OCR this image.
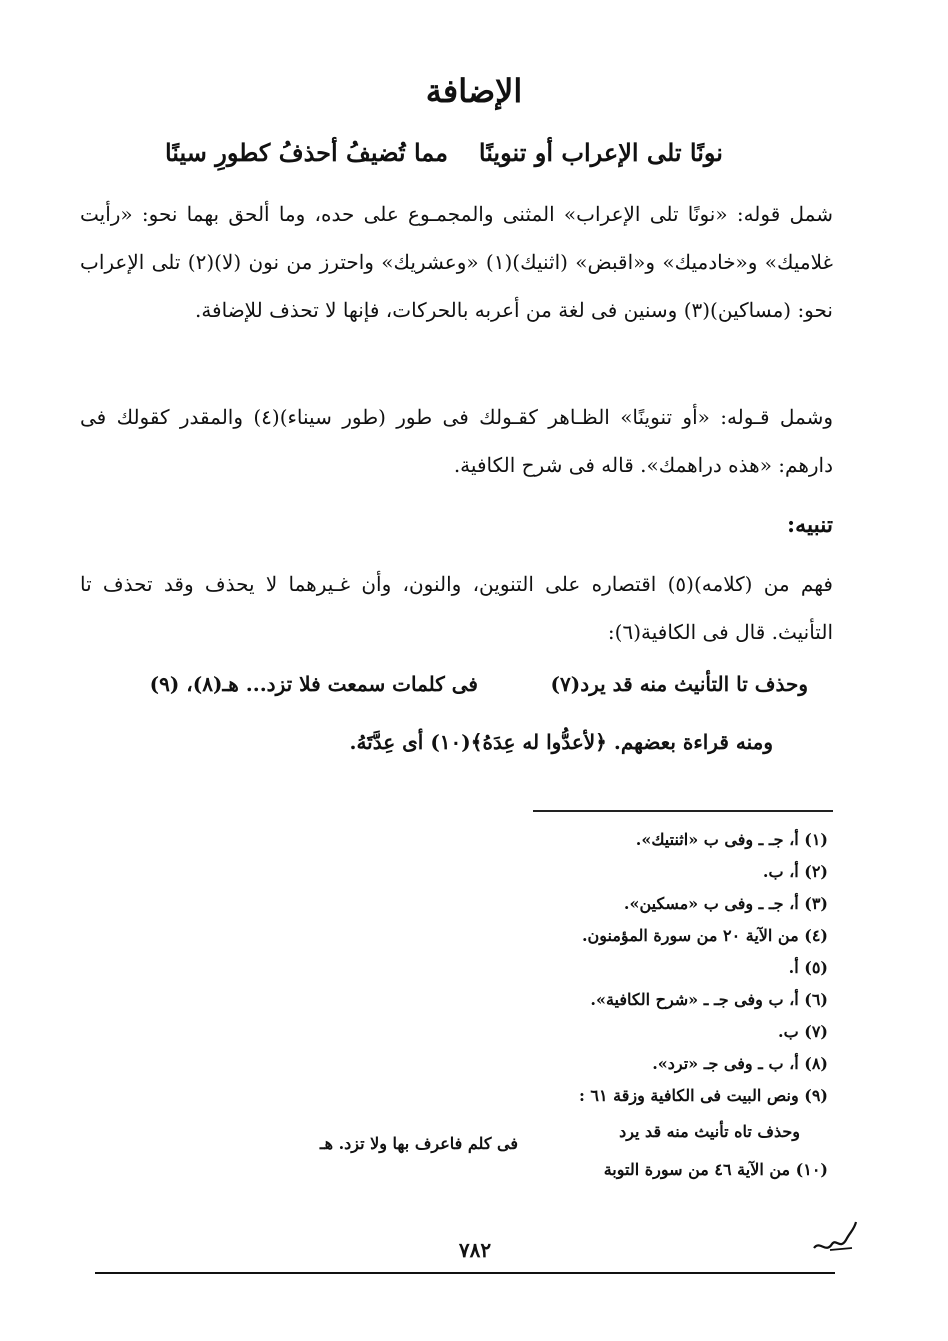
الإضافة
نونًا تلى الإعراب أو تنوينًا
مما تُضيفُ أحذفُ كطورِ سينًا
شمل قوله: «نونًا تلى الإعراب» المثنى والمجمـوع على حده، وما ألحق بهما نحو: «رأيت غلاميك» و«خادميك» و«اقبض» (اثنيك)(١) «وعشريك» واحترز من نون (لا)(٢) تلى الإعراب نحو: (مساكين)(٣) وسنين فى لغة من أعربه بالحركات، فإنها لا تحذف للإضافة.
وشمل قـوله: «أو تنوينًا» الظـاهر كقـولك فى طور (طور سيناء)(٤) والمقدر كقولك فى دارهم: «هذه دراهمك». قاله فى شرح الكافية.
تنبيه:
فهم من (كلامه)(٥) اقتصاره على التنوين، والنون، وأن غـيرهما لا يحذف وقد تحذف تا التأنيث. قال فى الكافية(٦):
وحذف تا التأنيث منه قد يرد(٧)
فى كلمات سمعت فلا تزد... هـ(٨)، (٩)
ومنه قراءة بعضهم. ﴿لأعدُّوا له عِدَهُ﴾(١٠) أى عِدَّتَهُ.
(١) أ، جـ ـ وفى ب «اثنتيك».
(٢) أ، ب.
(٣) أ، جـ ـ وفى ب «مسكين».
(٤) من الآية ٢٠ من سورة المؤمنون.
(٥) أ.
(٦) أ، ب وفى جـ ـ «شرح الكافية».
(٧) ب.
(٨) أ، ب ـ وفى جـ «ترد».
(٩) ونص البيت فى الكافية وزقة ٦١ :
وحذف تاه تأنيث منه قد يرد
فى كلم فاعرف بها ولا تزد. هـ
(١٠) من الآية ٤٦ من سورة التوبة
٧٨٢
